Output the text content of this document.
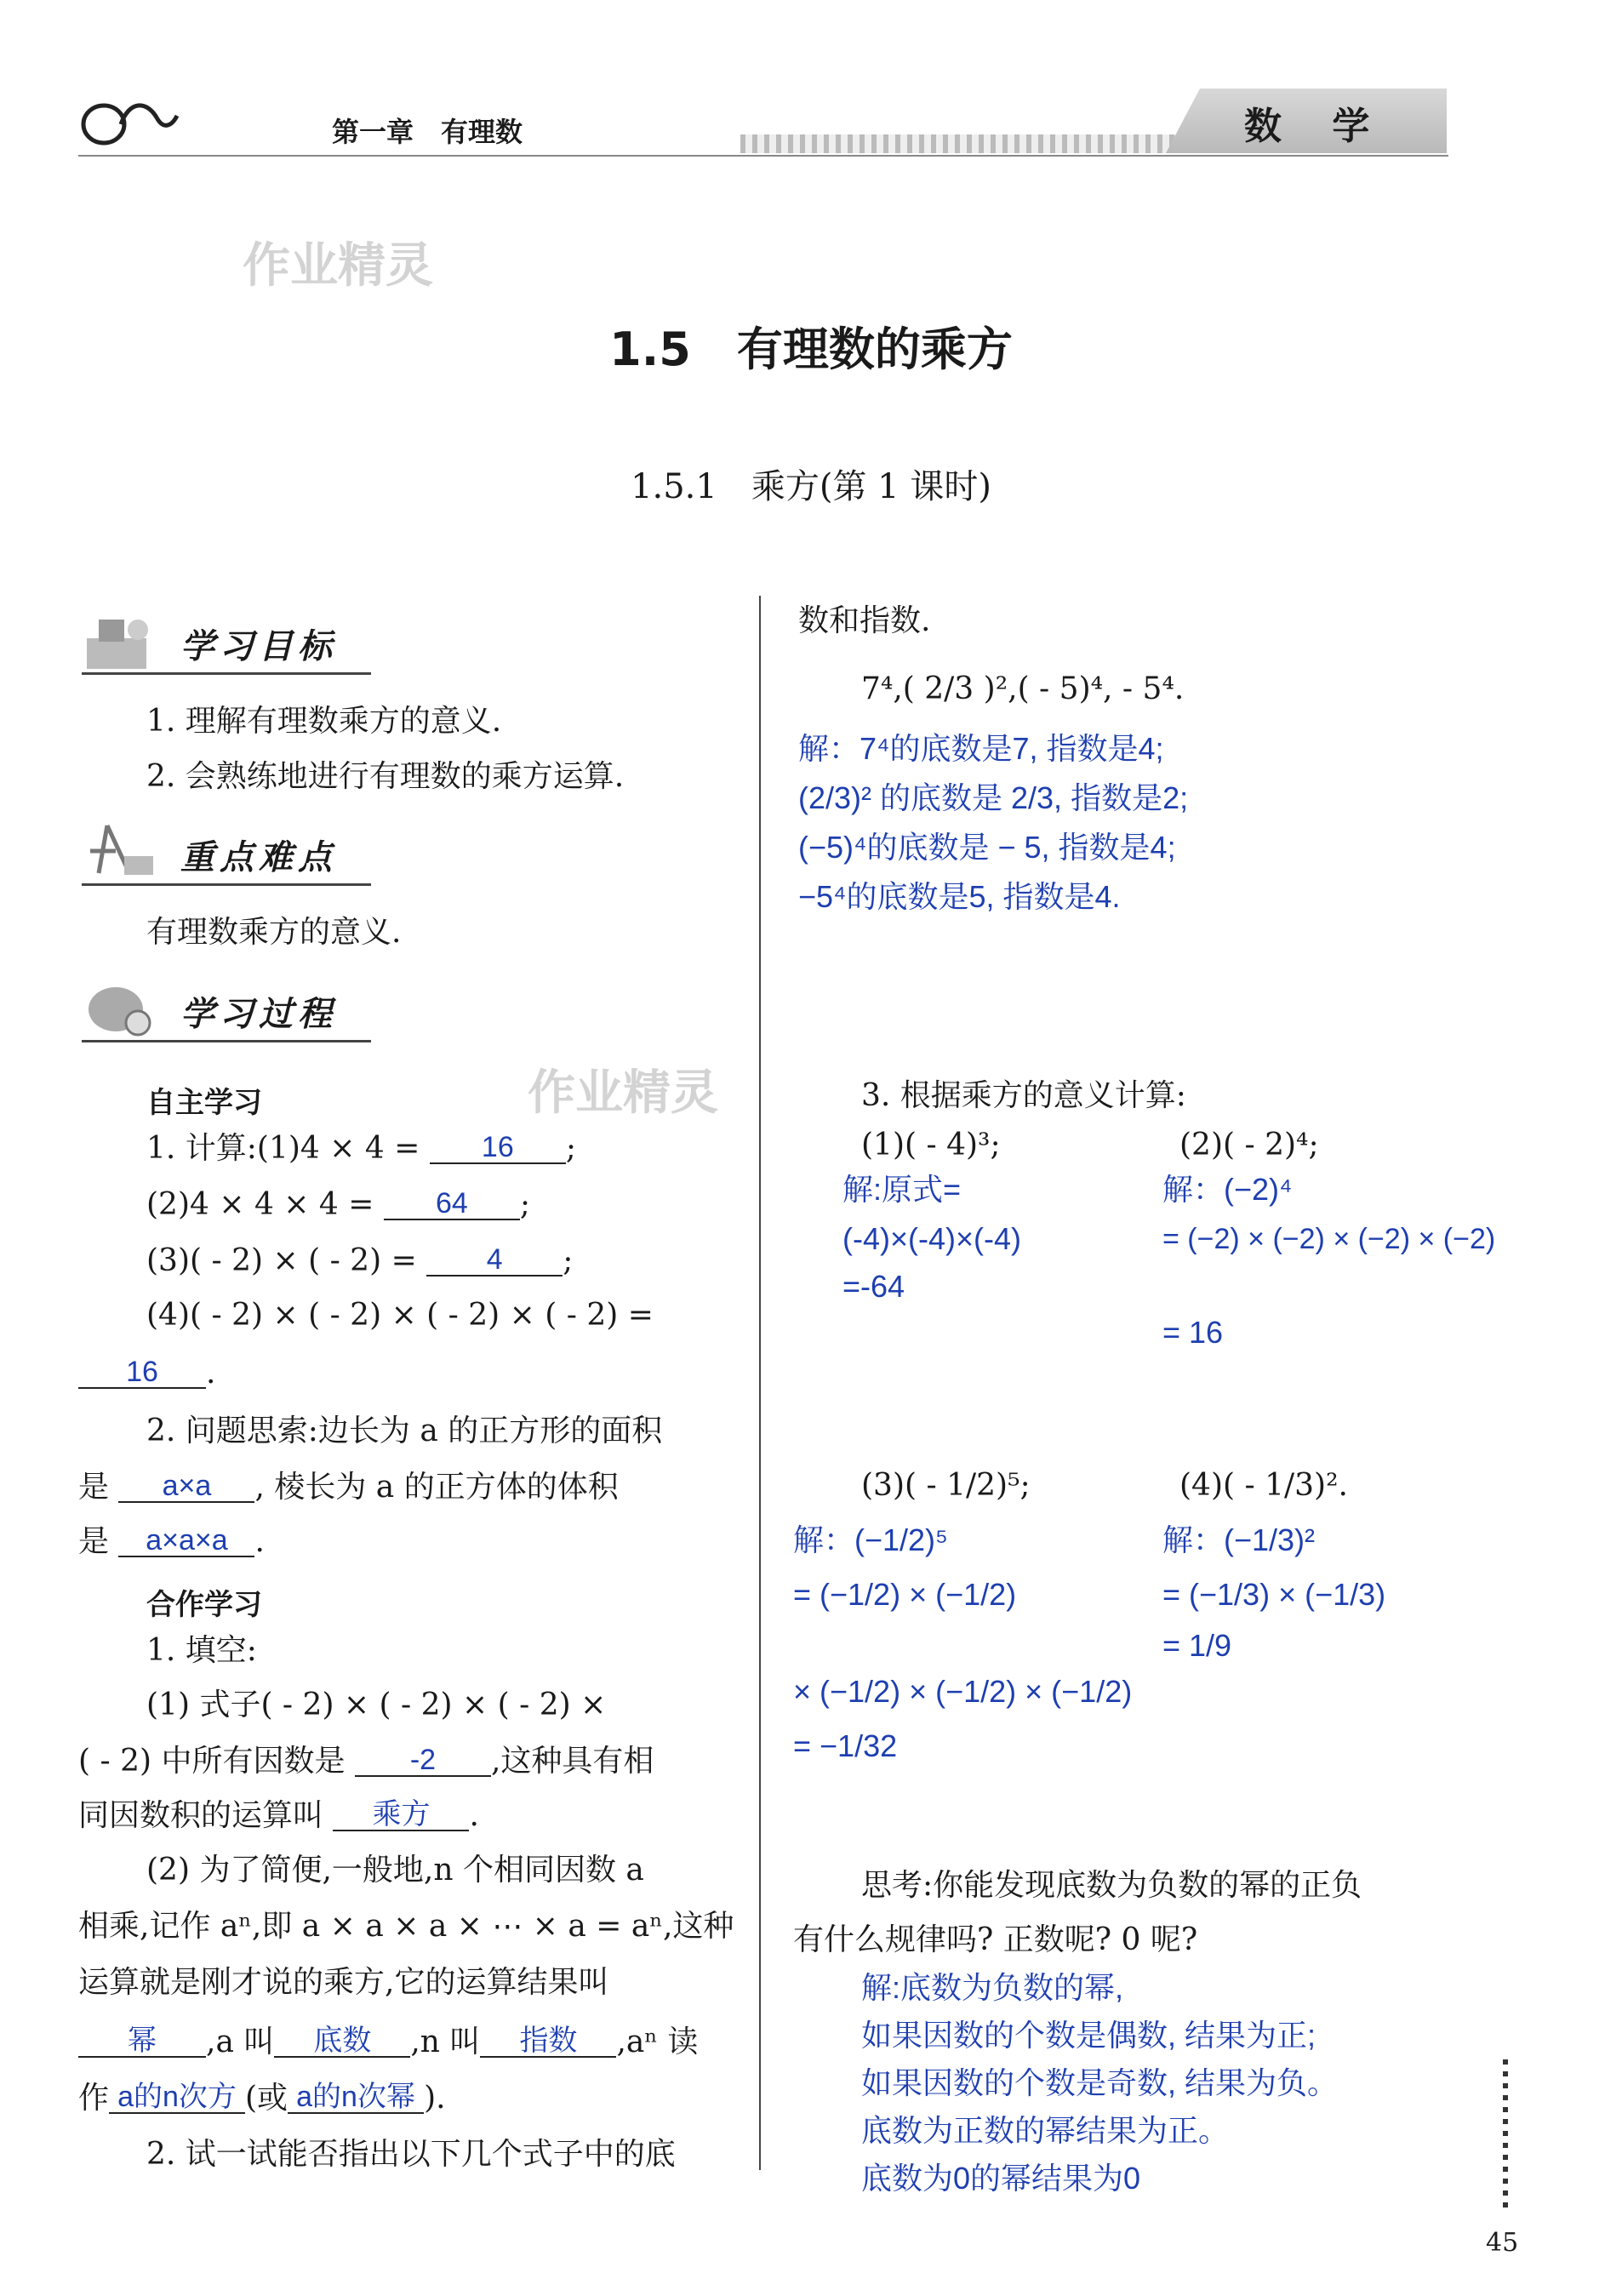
第一章　有理数	数 学
作业精灵
作业精灵
1.5　有理数的乘方
1.5.1　乘方(第 1 课时)
学习目标
1. 理解有理数乘方的意义.
2. 会熟练地进行有理数的乘方运算.
重点难点
有理数乘方的意义.
学习过程
自主学习
1. 计算:(1)4 × 4 = 16 ;
(2)4 × 4 × 4 = 64 ;
(3)( - 2) × ( - 2) = 4 ;
(4)( - 2) × ( - 2) × ( - 2) × ( - 2) =
16 .
2. 问题思索:边长为 a 的正方形的面积
是 a×a , 棱长为 a 的正方体的体积
是 a×a×a .
合作学习
1. 填空:
(1) 式子( - 2) × ( - 2) × ( - 2) ×
( - 2) 中所有因数是 -2 ,这种具有相
同因数积的运算叫 乘方 .
(2) 为了简便,一般地,n 个相同因数 a
相乘,记作 aⁿ,即 a × a × a × ⋯ × a = aⁿ,这种
运算就是刚才说的乘方,它的运算结果叫
幂 ,a 叫 底数 ,n 叫 指数 ,aⁿ 读
作 a的n次方 (或 a的n次幂 ).
2. 试一试能否指出以下几个式子中的底
数和指数.
7⁴,( 2/3 )²,( - 5)⁴, - 5⁴.
解：7⁴的底数是7, 指数是4;
(2/3)² 的底数是 2/3, 指数是2;
(−5)⁴的底数是 − 5, 指数是4;
−5⁴的底数是5, 指数是4.
3. 根据乘方的意义计算:
(1)( - 4)³;
解:原式=
(-4)×(-4)×(-4)
=-64
(2)( - 2)⁴;
解：(−2)⁴
= (−2) × (−2) × (−2) × (−2)
= 16
(3)( - 1/2)⁵;
解：(−1/2)⁵
= (−1/2) × (−1/2)
× (−1/2) × (−1/2) × (−1/2)
= −1/32
(4)( - 1/3)².
解：(−1/3)²
= (−1/3) × (−1/3)
= 1/9
思考:你能发现底数为负数的幂的正负
有什么规律吗? 正数呢? 0 呢?
解:底数为负数的幂,
如果因数的个数是偶数, 结果为正;
如果因数的个数是奇数, 结果为负。
底数为正数的幂结果为正。
底数为0的幂结果为0
45
